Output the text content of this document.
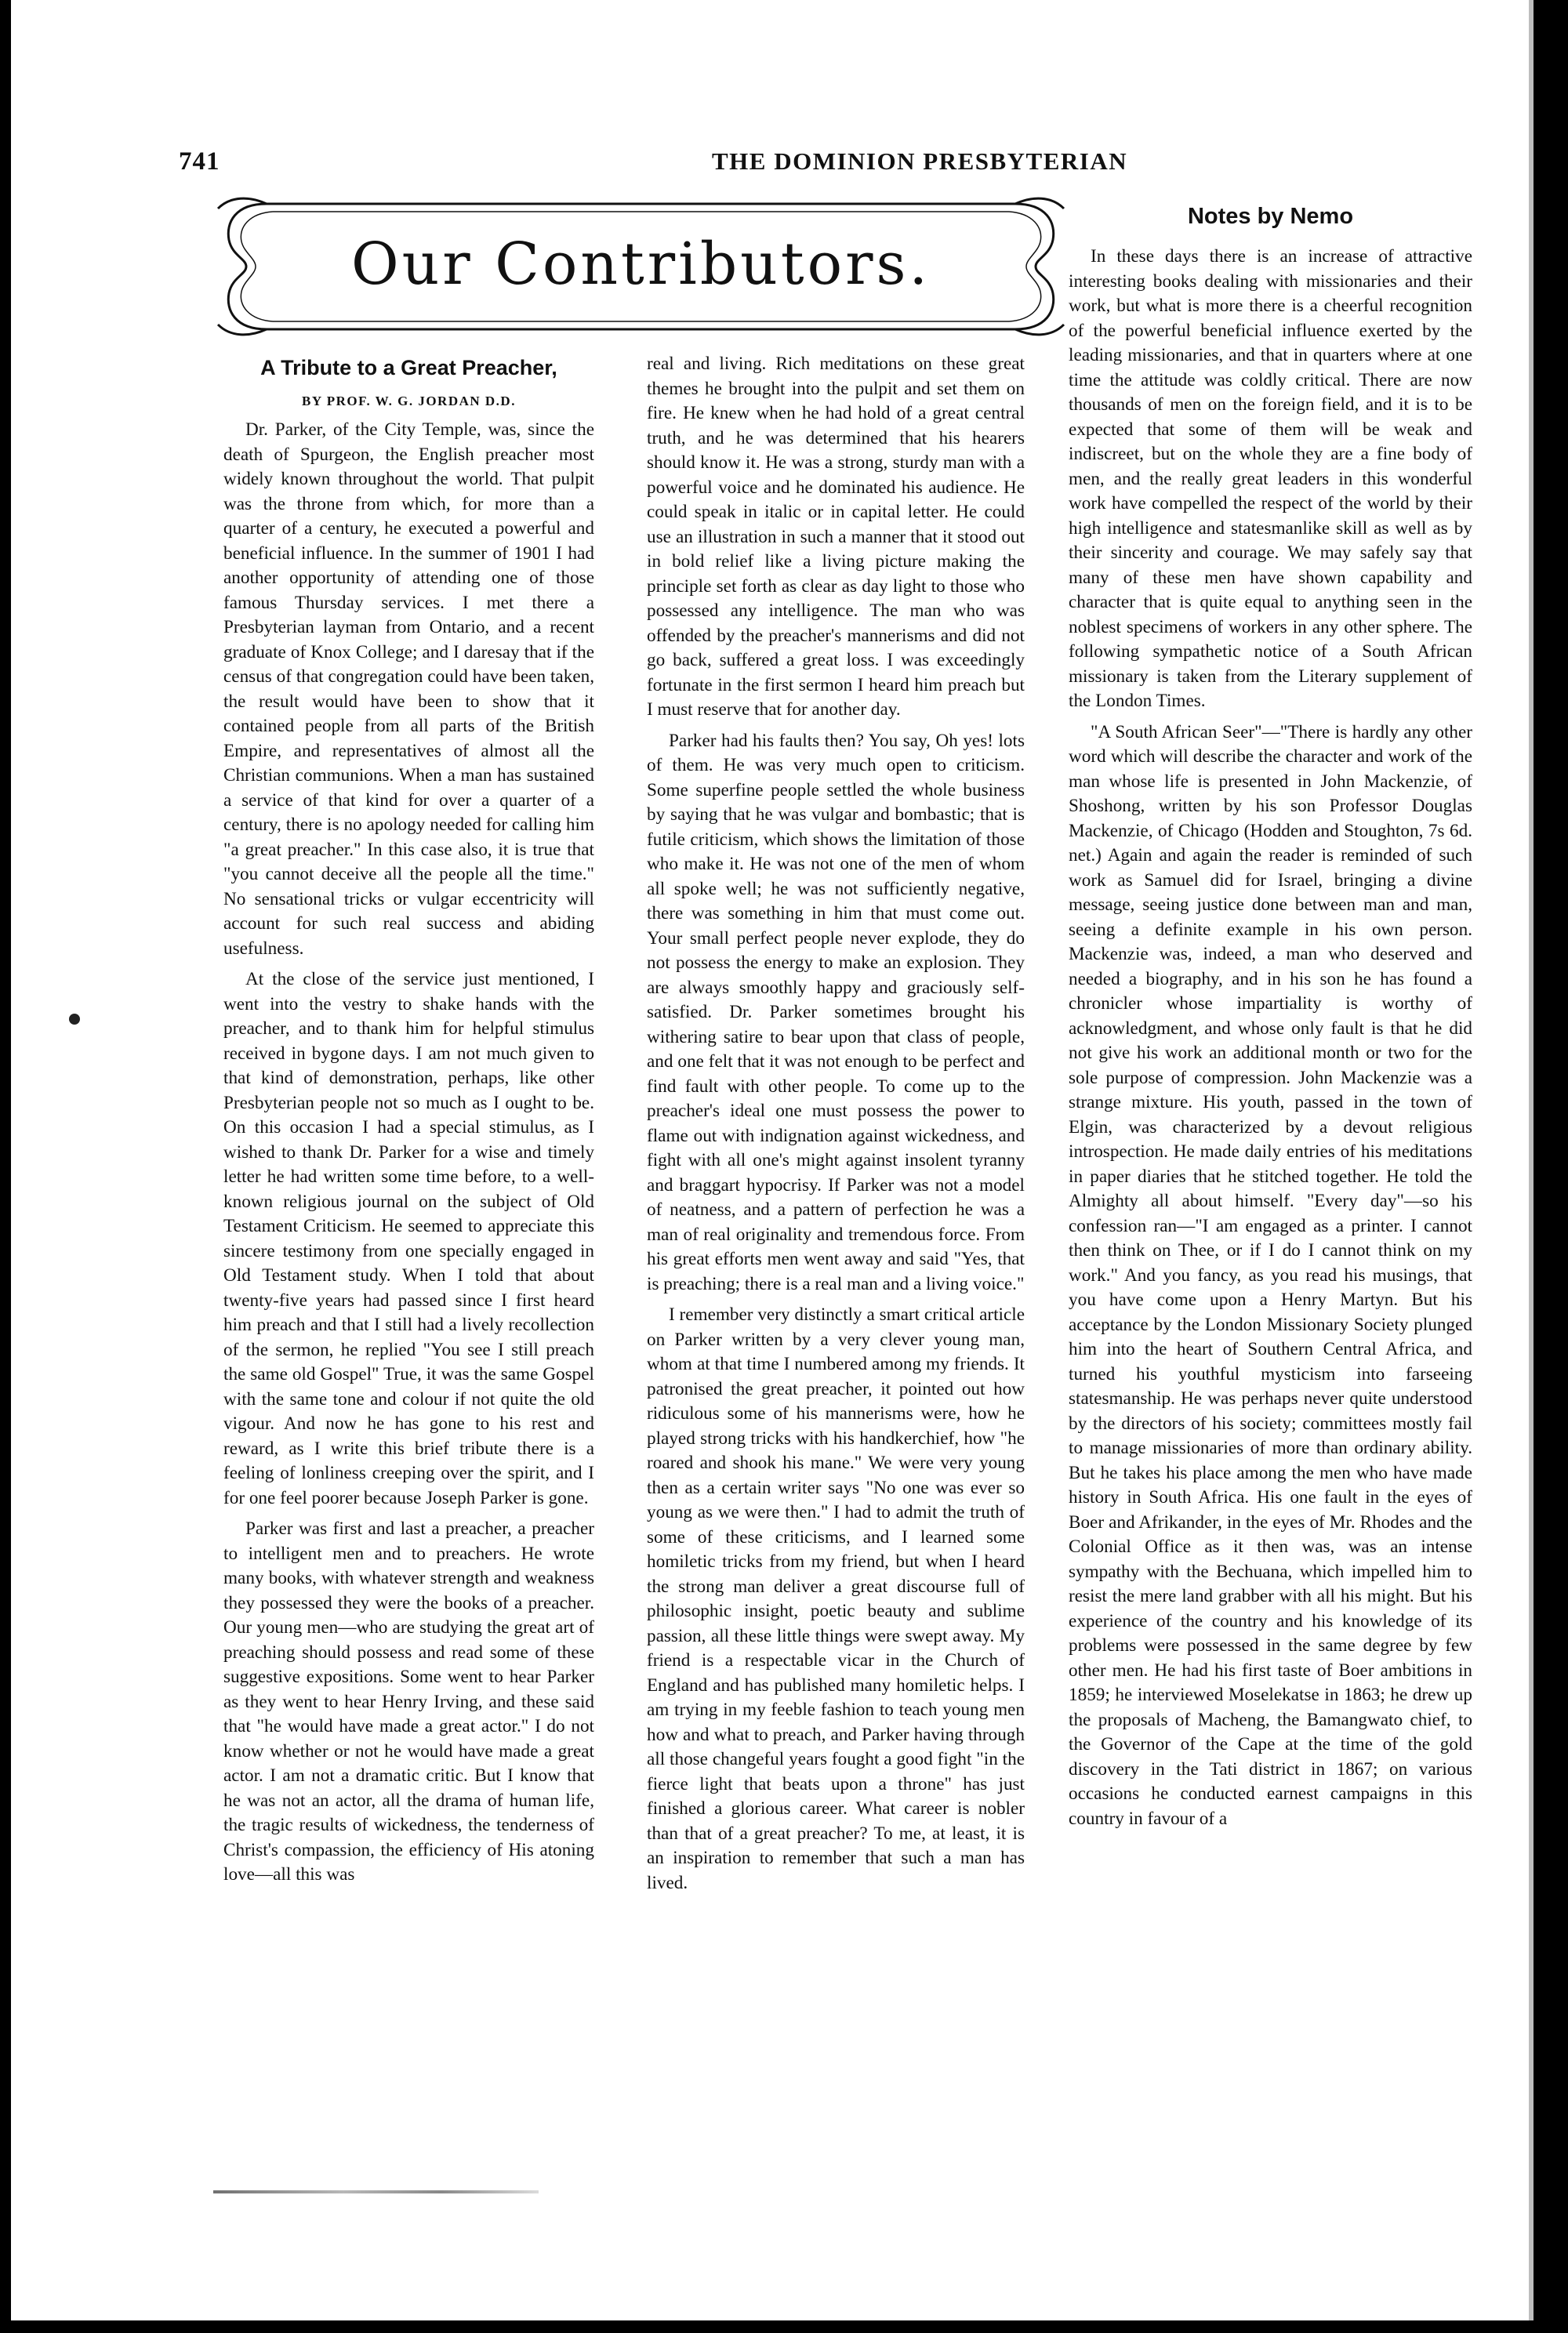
741	THE DOMINION PRESBYTERIAN
Our Contributors.
A Tribute to a Great Preacher,
BY PROF. W. G. JORDAN D.D.

Dr. Parker, of the City Temple, was, since the death of Spurgeon, the English preacher most widely known throughout the world. That pulpit was the throne from which, for more than a quarter of a century, he executed a powerful and beneficial influence. In the summer of 1901 I had another opportunity of attending one of those famous Thursday services. I met there a Presbyterian layman from Ontario, and a recent graduate of Knox College; and I daresay that if the census of that congregation could have been taken, the result would have been to show that it contained people from all parts of the British Empire, and representatives of almost all the Christian communions. When a man has sustained a service of that kind for over a quarter of a century, there is no apology needed for calling him "a great preacher." In this case also, it is true that "you cannot deceive all the people all the time." No sensational tricks or vulgar eccentricity will account for such real success and abiding usefulness.

At the close of the service just mentioned, I went into the vestry to shake hands with the preacher, and to thank him for helpful stimulus received in bygone days. I am not much given to that kind of demonstration, perhaps, like other Presbyterian people not so much as I ought to be. On this occasion I had a special stimulus, as I wished to thank Dr. Parker for a wise and timely letter he had written some time before, to a well-known religious journal on the subject of Old Testament Criticism. He seemed to appreciate this sincere testimony from one specially engaged in Old Testament study. When I told that about twenty-five years had passed since I first heard him preach and that I still had a lively recollection of the sermon, he replied "You see I still preach the same old Gospel" True, it was the same Gospel with the same tone and colour if not quite the old vigour. And now he has gone to his rest and reward, as I write this brief tribute there is a feeling of lonliness creeping over the spirit, and I for one feel poorer because Joseph Parker is gone.

Parker was first and last a preacher, a preacher to intelligent men and to preachers. He wrote many books, with whatever strength and weakness they possessed they were the books of a preacher. Our young men—who are studying the great art of preaching should possess and read some of these suggestive expositions. Some went to hear Parker as they went to hear Henry Irving, and these said that "he would have made a great actor." I do not know whether or not he would have made a great actor. I am not a dramatic critic. But I know that he was not an actor, all the drama of human life, the tragic results of wickedness, the tenderness of Christ's compassion, the efficiency of His atoning love—all this was

real and living. Rich meditations on these great themes he brought into the pulpit and set them on fire. He knew when he had hold of a great central truth, and he was determined that his hearers should know it. He was a strong, sturdy man with a powerful voice and he dominated his audience. He could speak in italic or in capital letter. He could use an illustration in such a manner that it stood out in bold relief like a living picture making the principle set forth as clear as day light to those who possessed any intelligence. The man who was offended by the preacher's mannerisms and did not go back, suffered a great loss. I was exceedingly fortunate in the first sermon I heard him preach but I must reserve that for another day.

Parker had his faults then? You say, Oh yes! lots of them. He was very much open to criticism. Some superfine people settled the whole business by saying that he was vulgar and bombastic; that is futile criticism, which shows the limitation of those who make it. He was not one of the men of whom all spoke well; he was not sufficiently negative, there was something in him that must come out. Your small perfect people never explode, they do not possess the energy to make an explosion. They are always smoothly happy and graciously self-satisfied. Dr. Parker sometimes brought his withering satire to bear upon that class of people, and one felt that it was not enough to be perfect and find fault with other people. To come up to the preacher's ideal one must possess the power to flame out with indignation against wickedness, and fight with all one's might against insolent tyranny and braggart hypocrisy. If Parker was not a model of neatness, and a pattern of perfection he was a man of real originality and tremendous force. From his great efforts men went away and said "Yes, that is preaching; there is a real man and a living voice."

I remember very distinctly a smart critical article on Parker written by a very clever young man, whom at that time I numbered among my friends. It patronised the great preacher, it pointed out how ridiculous some of his mannerisms were, how he played strong tricks with his handkerchief, how "he roared and shook his mane." We were very young then as a certain writer says "No one was ever so young as we were then." I had to admit the truth of some of these criticisms, and I learned some homiletic tricks from my friend, but when I heard the strong man deliver a great discourse full of philosophic insight, poetic beauty and sublime passion, all these little things were swept away. My friend is a respectable vicar in the Church of England and has published many homiletic helps. I am trying in my feeble fashion to teach young men how and what to preach, and Parker having through all those changeful years fought a good fight "in the fierce light that beats upon a throne" has just finished a glorious career. What career is nobler than that of a great preacher? To me, at least, it is an inspiration to remember that such a man has lived.

Notes by Nemo

In these days there is an increase of attractive interesting books dealing with missionaries and their work, but what is more there is a cheerful recognition of the powerful beneficial influence exerted by the leading missionaries, and that in quarters where at one time the attitude was coldly critical. There are now thousands of men on the foreign field, and it is to be expected that some of them will be weak and indiscreet, but on the whole they are a fine body of men, and the really great leaders in this wonderful work have compelled the respect of the world by their high intelligence and statesmanlike skill as well as by their sincerity and courage. We may safely say that many of these men have shown capability and character that is quite equal to anything seen in the noblest specimens of workers in any other sphere. The following sympathetic notice of a South African missionary is taken from the Literary supplement of the London Times.

"A South African Seer"—"There is hardly any other word which will describe the character and work of the man whose life is presented in John Mackenzie, of Shoshong, written by his son Professor Douglas Mackenzie, of Chicago (Hodden and Stoughton, 7s 6d. net.) Again and again the reader is reminded of such work as Samuel did for Israel, bringing a divine message, seeing justice done between man and man, seeing a definite example in his own person. Mackenzie was, indeed, a man who deserved and needed a biography, and in his son he has found a chronicler whose impartiality is worthy of acknowledgment, and whose only fault is that he did not give his work an additional month or two for the sole purpose of compression. John Mackenzie was a strange mixture. His youth, passed in the town of Elgin, was characterized by a devout religious introspection. He made daily entries of his meditations in paper diaries that he stitched together. He told the Almighty all about himself. "Every day"—so his confession ran—"I am engaged as a printer. I cannot then think on Thee, or if I do I cannot think on my work." And you fancy, as you read his musings, that you have come upon a Henry Martyn. But his acceptance by the London Missionary Society plunged him into the heart of Southern Central Africa, and turned his youthful mysticism into farseeing statesmanship. He was perhaps never quite understood by the directors of his society; committees mostly fail to manage missionaries of more than ordinary ability. But he takes his place among the men who have made history in South Africa. His one fault in the eyes of Boer and Afrikander, in the eyes of Mr. Rhodes and the Colonial Office as it then was, was an intense sympathy with the Bechuana, which impelled him to resist the mere land grabber with all his might. But his experience of the country and his knowledge of its problems were possessed in the same degree by few other men. He had his first taste of Boer ambitions in 1859; he interviewed Moselekatse in 1863; he drew up the proposals of Macheng, the Bamangwato chief, to the Governor of the Cape at the time of the gold discovery in the Tati district in 1867; on various occasions he conducted earnest campaigns in this country in favour of a
